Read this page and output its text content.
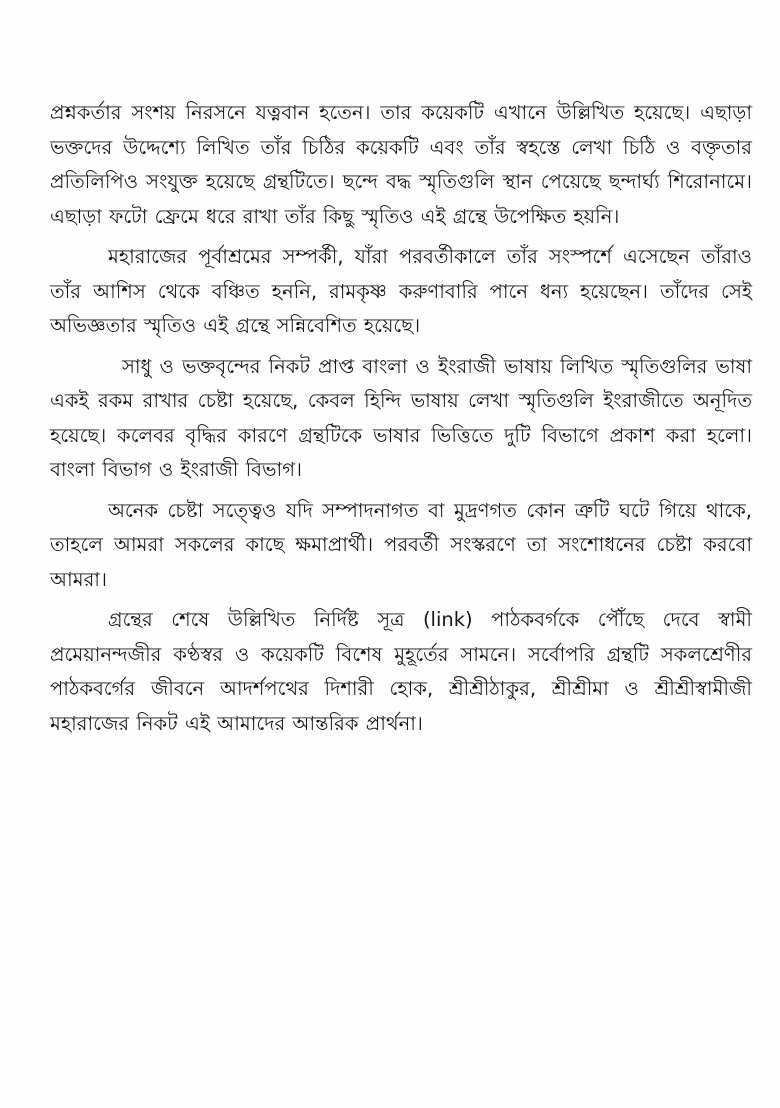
প্রশ্নকর্তার সংশয় নিরসনে যত্নবান হতেন। তার কয়েকটি এখানে উল্লিখিত হয়েছে। এছাড়া ভক্তদের উদ্দেশ্যে লিখিত তাঁর চিঠির কয়েকটি এবং তাঁর স্বহস্তে লেখা চিঠি ও বক্তৃতার প্রতিলিপিও সংযুক্ত হয়েছে গ্রন্থটিতে। ছন্দে বদ্ধ স্মৃতিগুলি স্থান পেয়েছে ছন্দার্ঘ্য শিরোনামে। এছাড়া ফটো ফ্রেমে ধরে রাখা তাঁর কিছু স্মৃতিও এই গ্রন্থে উপেক্ষিত হয়নি।

মহারাজের পূর্বাশ্রমের সম্পর্কী, যাঁরা পরবর্তীকালে তাঁর সংস্পর্শে এসেছেন তাঁরাও তাঁর আশিস থেকে বঞ্চিত হননি, রামকৃষ্ণ করুণাবারি পানে ধন্য হয়েছেন। তাঁদের সেই অভিজ্ঞতার স্মৃতিও এই গ্রন্থে সন্নিবেশিত হয়েছে।

সাধু ও ভক্তবৃন্দের নিকট প্রাপ্ত বাংলা ও ইংরাজী ভাষায় লিখিত স্মৃতিগুলির ভাষা একই রকম রাখার চেষ্টা হয়েছে, কেবল হিন্দি ভাষায় লেখা স্মৃতিগুলি ইংরাজীতে অনূদিত হয়েছে। কলেবর বৃদ্ধির কারণে গ্রন্থটিকে ভাষার ভিত্তিতে দুটি বিভাগে প্রকাশ করা হলো। বাংলা বিভাগ ও ইংরাজী বিভাগ।

অনেক চেষ্টা সত্ত্বেও যদি সম্পাদনাগত বা মুদ্রণগত কোন ত্রুটি ঘটে গিয়ে থাকে, তাহলে আমরা সকলের কাছে ক্ষমাপ্রার্থী। পরবর্তী সংস্করণে তা সংশোধনের চেষ্টা করবো আমরা।

গ্রন্থের শেষে উল্লিখিত নির্দিষ্ট সূত্র (link) পাঠকবর্গকে পৌঁছে দেবে স্বামী প্রমেয়ানন্দজীর কণ্ঠস্বর ও কয়েকটি বিশেষ মুহূর্তের সামনে। সর্বোপরি গ্রন্থটি সকলশ্রেণীর পাঠকবর্গের জীবনে আদর্শপথের দিশারী হোক, শ্রীশ্রীঠাকুর, শ্রীশ্রীমা ও শ্রীশ্রীস্বামীজী মহারাজের নিকট এই আমাদের আন্তরিক প্রার্থনা।
